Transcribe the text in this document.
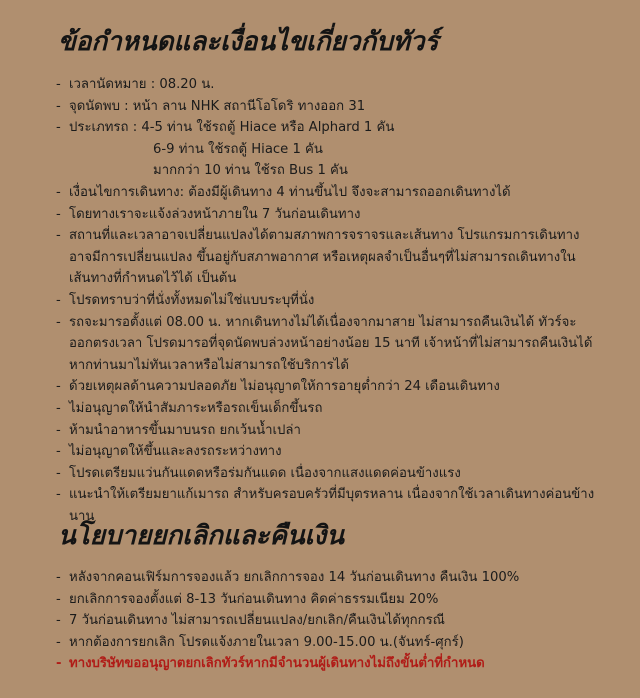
ข้อกำหนดและเงื่อนไขเกี่ยวกับทัวร์
- เวลานัดหมาย : 08.20 น.
- จุดนัดพบ : หน้า ลาน NHK สถานีโอโดริ ทางออก 31
- ประเภทรถ : 4-5 ท่าน ใช้รถตู้ Hiace หรือ Alphard 1 คัน
6-9 ท่าน ใช้รถตู้ Hiace 1 คัน
มากกว่า 10 ท่าน ใช้รถ Bus 1 คัน
- เงื่อนไขการเดินทาง: ต้องมีผู้เดินทาง 4 ท่านขึ้นไป จึงจะสามารถออกเดินทางได้
- โดยทางเราจะแจ้งล่วงหน้าภายใน 7 วันก่อนเดินทาง
- สถานที่และเวลาอาจเปลี่ยนแปลงได้ตามสภาพการจราจรและเส้นทาง โปรแกรมการเดินทางอาจมีการเปลี่ยนแปลง ขึ้นอยู่กับสภาพอากาศ หรือเหตุผลจำเป็นอื่นๆที่ไม่สามารถเดินทางในเส้นทางที่กำหนดไว้ได้ เป็นต้น
- โปรดทราบว่าที่นั่งทั้งหมดไม่ใช่แบบระบุที่นั่ง
- รถจะมารอตั้งแต่ 08.00 น. หากเดินทางไม่ได้เนื่องจากมาสาย ไม่สามารถคืนเงินได้ ทัวร์จะออกตรงเวลา โปรดมารอที่จุดนัดพบล่วงหน้าอย่างน้อย 15 นาที เจ้าหน้าที่ไม่สามารถคืนเงินได้หากท่านมาไม่ทันเวลาหรือไม่สามารถใช้บริการได้
- ด้วยเหตุผลด้านความปลอดภัย ไม่อนุญาตให้การอายุต่ำกว่า 24 เดือนเดินทาง
- ไม่อนุญาตให้นำสัมภาระหรือรถเข็นเด็กขึ้นรถ
- ห้ามนำอาหารขึ้นมาบนรถ ยกเว้นน้ำเปล่า
- ไม่อนุญาตให้ขึ้นและลงรถระหว่างทาง
- โปรดเตรียมแว่นกันแดดหรือร่มกันแดด เนื่องจากแสงแดดค่อนข้างแรง
- แนะนำให้เตรียมยาแก้เมารถ สำหรับครอบครัวที่มีบุตรหลาน เนื่องจากใช้เวลาเดินทางค่อนข้างนาน
นโยบายยกเลิกและคืนเงิน
- หลังจากคอนเฟิร์มการจองแล้ว ยกเลิกการจอง 14 วันก่อนเดินทาง คืนเงิน 100%
- ยกเลิกการจองตั้งแต่ 8-13 วันก่อนเดินทาง คิดค่าธรรมเนียม 20%
- 7 วันก่อนเดินทาง ไม่สามารถเปลี่ยนแปลง/ยกเลิก/คืนเงินได้ทุกกรณี
- หากต้องการยกเลิก โปรดแจ้งภายในเวลา 9.00-15.00 น.(จันทร์-ศุกร์)
- ทางบริษัทขออนุญาตยกเลิกทัวร์หากมีจำนวนผู้เดินทางไม่ถึงขั้นต่ำที่กำหนด
